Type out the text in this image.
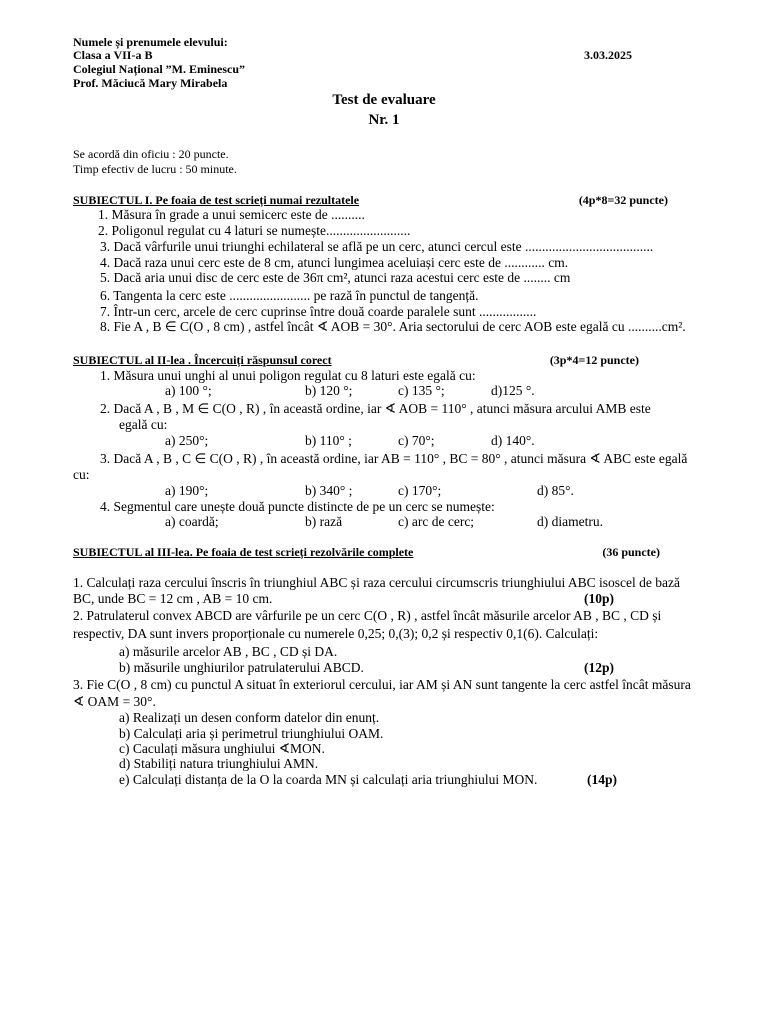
Numele și prenumele elevului:
Clasa a VII-a B	3.03.2025
Colegiul Național ”M. Eminescu”
Prof. Măciucă Mary Mirabela
Test de evaluare
Nr. 1
Se acordă din oficiu : 20 puncte.
Timp efectiv de lucru : 50 minute.
SUBIECTUL I. Pe foaia de test scrieți numai rezultatele	(4p*8=32 puncte)
1. Măsura în grade a unui semicerc este de ..........
2. Poligonul regulat cu 4 laturi se numește.........................
3. Dacă vârfurile unui triunghi echilateral se află pe un cerc, atunci cercul este ......................................
4. Dacă raza unui cerc este de 8 cm, atunci lungimea aceluiași cerc este de ............ cm.
5. Dacă aria unui disc de cerc este de 36π cm², atunci raza acestui cerc este de ........ cm
6. Tangenta la cerc este ........................ pe rază în punctul de tangență.
7. Într-un cerc, arcele de cerc cuprinse între două coarde paralele sunt .................
8. Fie A , B ∈ C(O , 8 cm) , astfel încât ∢ AOB = 30°. Aria sectorului de cerc AOB este egală cu ..........cm².
SUBIECTUL al II-lea . Încercuiți răspunsul corect	(3p*4=12 puncte)
1. Măsura unui unghi al unui poligon regulat cu 8 laturi este egală cu:
a) 100 °;	b) 120 °;	c) 135 °;	d)125 °.
2. Dacă A , B , M ∈ C(O , R) , în această ordine, iar ∢ AOB = 110° , atunci măsura arcului AMB este
egală cu:
a) 250°;	b) 110° ;	c) 70°;	d) 140°.
3. Dacă A , B , C ∈ C(O , R) , în această ordine, iar AB = 110° , BC = 80° , atunci măsura ∢ ABC este egală
cu:
a) 190°;	b) 340° ;	c) 170°;	d) 85°.
4. Segmentul care unește două puncte distincte de pe un cerc se numește:
a) coardă;	b) rază	c) arc de cerc;	d) diametru.
SUBIECTUL al III-lea. Pe foaia de test scrieți rezolvările complete	(36 puncte)
1. Calculați raza cercului înscris în triunghiul ABC și raza cercului circumscris triunghiului ABC isoscel de bază
BC, unde BC = 12 cm , AB = 10 cm.	(10p)
2. Patrulaterul convex ABCD are vârfurile pe un cerc C(O , R) , astfel încât măsurile arcelor AB , BC , CD și
respectiv, DA sunt invers proporționale cu numerele 0,25; 0,(3); 0,2 și respectiv 0,1(6). Calculați:
a) măsurile arcelor AB , BC , CD și DA.
b) măsurile unghiurilor patrulaterului ABCD.	(12p)
3. Fie C(O , 8 cm) cu punctul A situat în exteriorul cercului, iar AM și AN sunt tangente la cerc astfel încât măsura
∢ OAM = 30°.
a) Realizați un desen conform datelor din enunț.
b) Calculați aria și perimetrul triunghiului OAM.
c) Caculați măsura unghiului ∢MON.
d) Stabiliți natura triunghiului AMN.
e) Calculați distanța de la O la coarda MN și calculați aria triunghiului MON.	(14p)
